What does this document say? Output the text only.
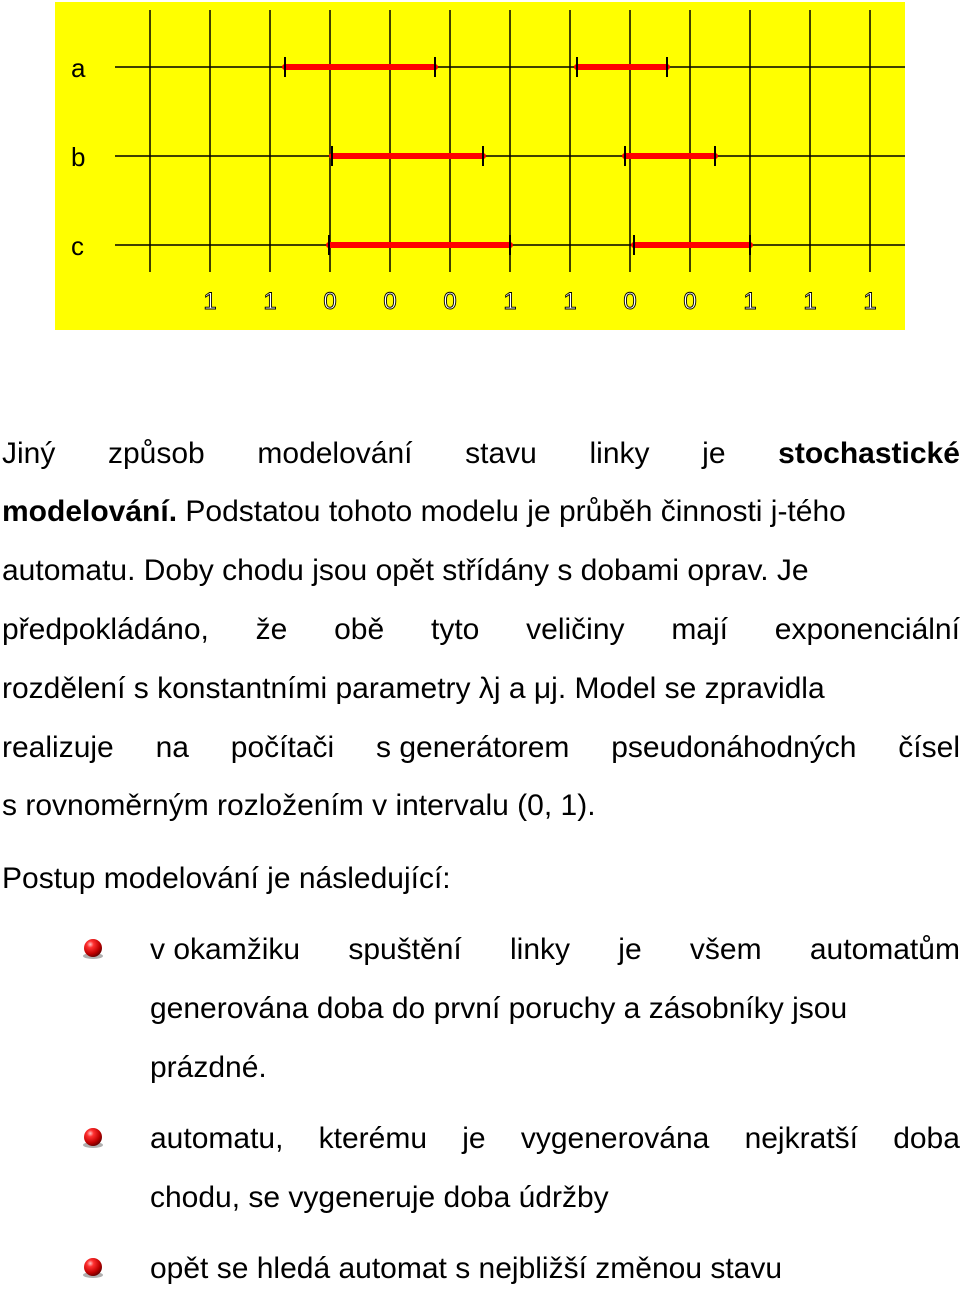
a
b
c
1 1 0 0 0 1 1 0 0 1 1 1
Jiný způsob modelování stavu linky je stochastické
modelování. Podstatou tohoto modelu je průběh činnosti j-tého
automatu. Doby chodu jsou opět střídány s dobami oprav. Je
předpokládáno, že obě tyto veličiny mají exponenciální
rozdělení s konstantními parametry λj a μj. Model se zpravidla
realizuje na počítači s generátorem pseudonáhodných čísel
s rovnoměrným rozložením v intervalu (0, 1).
Postup modelování je následující:
v okamžiku spuštění linky je všem automatům
generována doba do první poruchy a zásobníky jsou
prázdné.
automatu, kterému je vygenerována nejkratší doba
chodu, se vygeneruje doba údržby
opět se hledá automat s nejbližší změnou stavu
